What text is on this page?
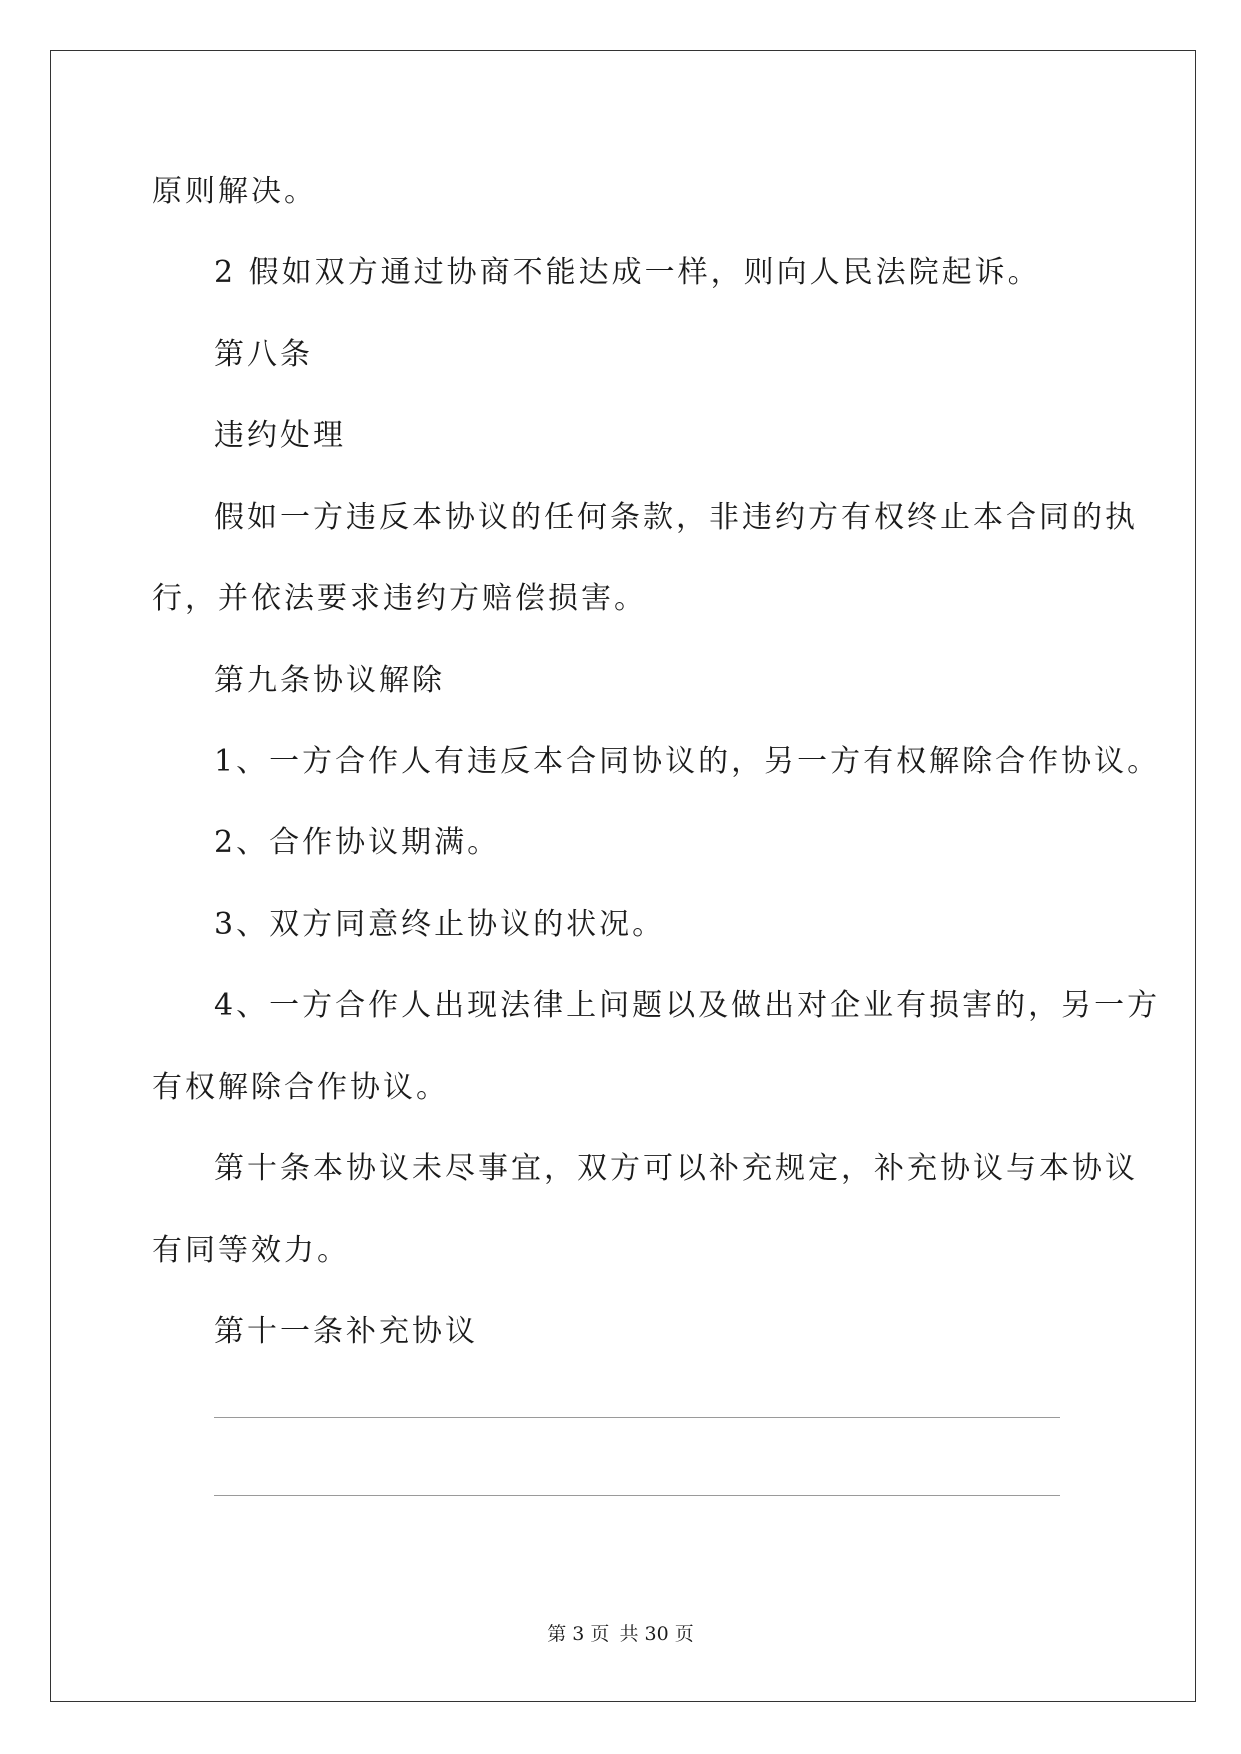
原则解决。
2 假如双方通过协商不能达成一样，则向人民法院起诉。
第八条
违约处理
假如一方违反本协议的任何条款，非违约方有权终止本合同的执
行，并依法要求违约方赔偿损害。
第九条协议解除
1、一方合作人有违反本合同协议的，另一方有权解除合作协议。
2、合作协议期满。
3、双方同意终止协议的状况。
4、一方合作人出现法律上问题以及做出对企业有损害的，另一方
有权解除合作协议。
第十条本协议未尽事宜，双方可以补充规定，补充协议与本协议
有同等效力。
第十一条补充协议
第 3 页 共 30 页
